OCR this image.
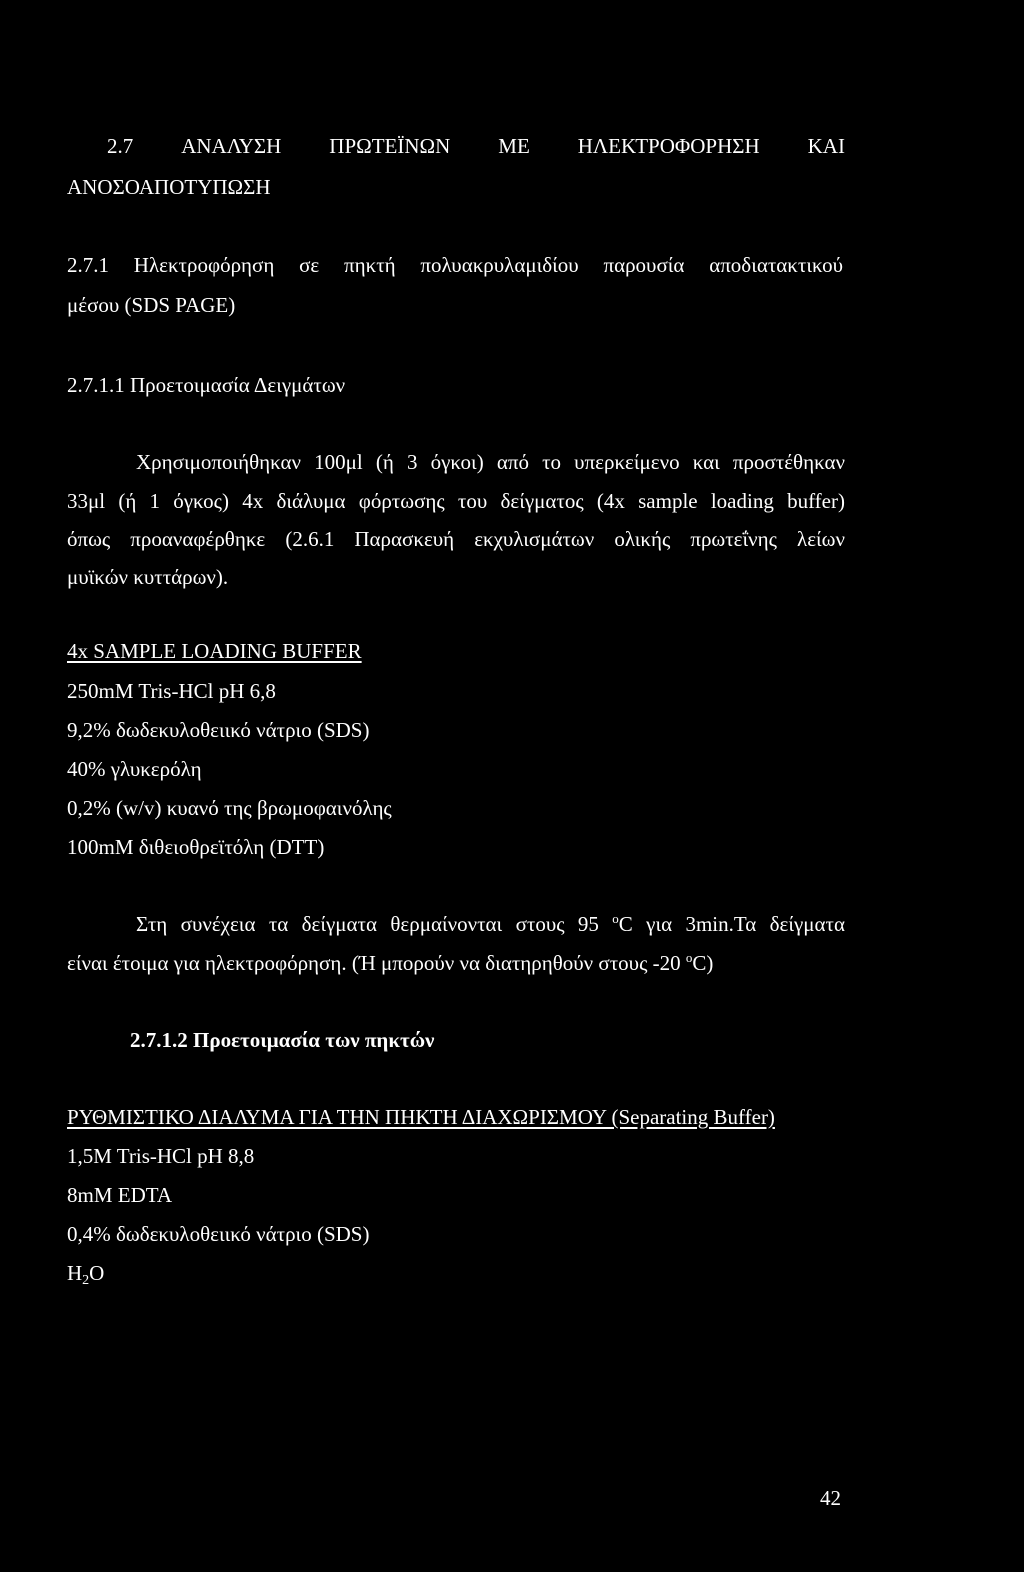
2.7 ΑΝΑΛΥΣΗ ΠΡΩΤΕΪΝΩΝ ΜΕ ΗΛΕΚΤΡΟΦΟΡΗΣΗ ΚΑΙ
ΑΝΟΣΟΑΠΟΤΥΠΩΣΗ
2.7.1 Ηλεκτροφόρηση σε πηκτή πολυακρυλαμιδίου παρουσία αποδιατακτικού
μέσου (SDS PAGE)
2.7.1.1 Προετοιμασία Δειγμάτων
Χρησιμοποιήθηκαν 100μl (ή 3 όγκοι) από το υπερκείμενο και προστέθηκαν
33μl (ή 1 όγκος) 4x διάλυμα φόρτωσης του δείγματος (4x sample loading buffer)
όπως προαναφέρθηκε (2.6.1 Παρασκευή εκχυλισμάτων ολικής πρωτεΐνης λείων
μυϊκών κυττάρων).
4x SAMPLE LOADING BUFFER
250mM Tris-HCl pH 6,8
9,2% δωδεκυλοθειικό νάτριο (SDS)
40% γλυκερόλη
0,2% (w/v) κυανό της βρωμοφαινόλης
100mM διθειοθρεϊτόλη (DTT)
Στη συνέχεια τα δείγματα θερμαίνονται στους 95 $^o$C για 3min.Τα δείγματα
είναι έτοιμα για ηλεκτροφόρηση. (Ή μπορούν να διατηρηθούν στους -20 $^o$C)
2.7.1.2 Προετοιμασία των πηκτών
ΡΥΘΜΙΣΤΙΚΟ ΔΙΑΛΥΜΑ ΓΙΑ ΤΗΝ ΠΗΚΤΗ ΔΙΑΧΩΡΙΣΜΟΥ (Separating Buffer)
1,5M Tris-HCl pH 8,8
8mM EDTA
0,4% δωδεκυλοθειικό νάτριο (SDS)
$H_2O$
42
